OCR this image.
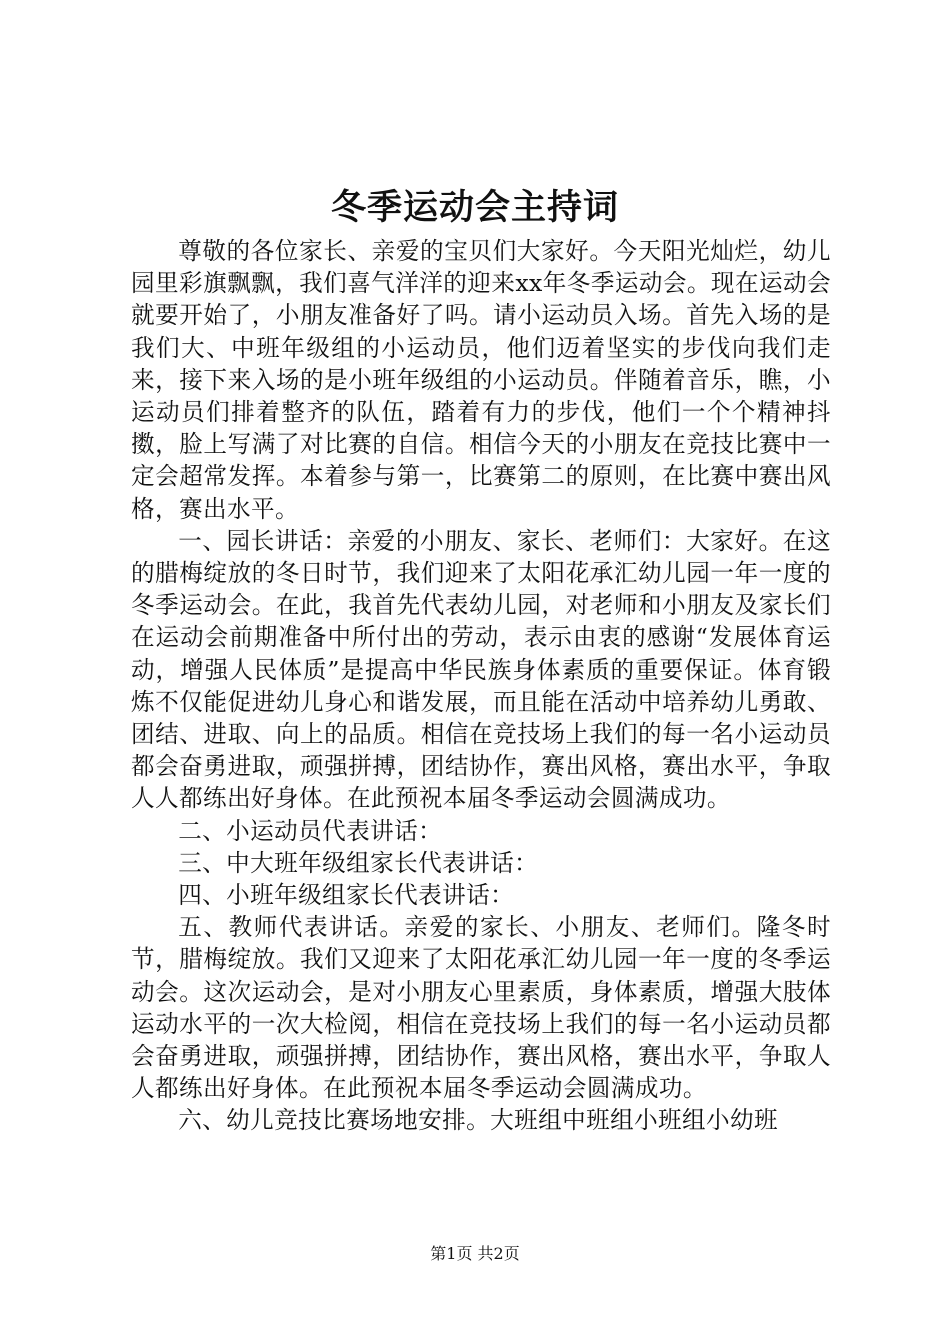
冬季运动会主持词

尊敬的各位家长、亲爱的宝贝们大家好。今天阳光灿烂，幼儿园里彩旗飘飘，我们喜气洋洋的迎来xx年冬季运动会。现在运动会就要开始了，小朋友准备好了吗。请小运动员入场。首先入场的是我们大、中班年级组的小运动员，他们迈着坚实的步伐向我们走来，接下来入场的是小班年级组的小运动员。伴随着音乐，瞧，小运动员们排着整齐的队伍，踏着有力的步伐，他们一个个精神抖擞，脸上写满了对比赛的自信。相信今天的小朋友在竞技比赛中一定会超常发挥。本着参与第一，比赛第二的原则，在比赛中赛出风格，赛出水平。

一、园长讲话：亲爱的小朋友、家长、老师们：大家好。在这的腊梅绽放的冬日时节，我们迎来了太阳花承汇幼儿园一年一度的冬季运动会。在此，我首先代表幼儿园，对老师和小朋友及家长们在运动会前期准备中所付出的劳动，表示由衷的感谢“发展体育运动，增强人民体质”是提高中华民族身体素质的重要保证。体育锻炼不仅能促进幼儿身心和谐发展，而且能在活动中培养幼儿勇敢、团结、进取、向上的品质。相信在竞技场上我们的每一名小运动员都会奋勇进取，顽强拼搏，团结协作，赛出风格，赛出水平，争取人人都练出好身体。在此预祝本届冬季运动会圆满成功。

二、小运动员代表讲话：

三、中大班年级组家长代表讲话：

四、小班年级组家长代表讲话：

五、教师代表讲话。亲爱的家长、小朋友、老师们。隆冬时节，腊梅绽放。我们又迎来了太阳花承汇幼儿园一年一度的冬季运动会。这次运动会，是对小朋友心里素质，身体素质，增强大肢体运动水平的一次大检阅，相信在竞技场上我们的每一名小运动员都会奋勇进取，顽强拼搏，团结协作，赛出风格，赛出水平，争取人人都练出好身体。在此预祝本届冬季运动会圆满成功。

六、幼儿竞技比赛场地安排。大班组中班组小班组小幼班

第1页 共2页
